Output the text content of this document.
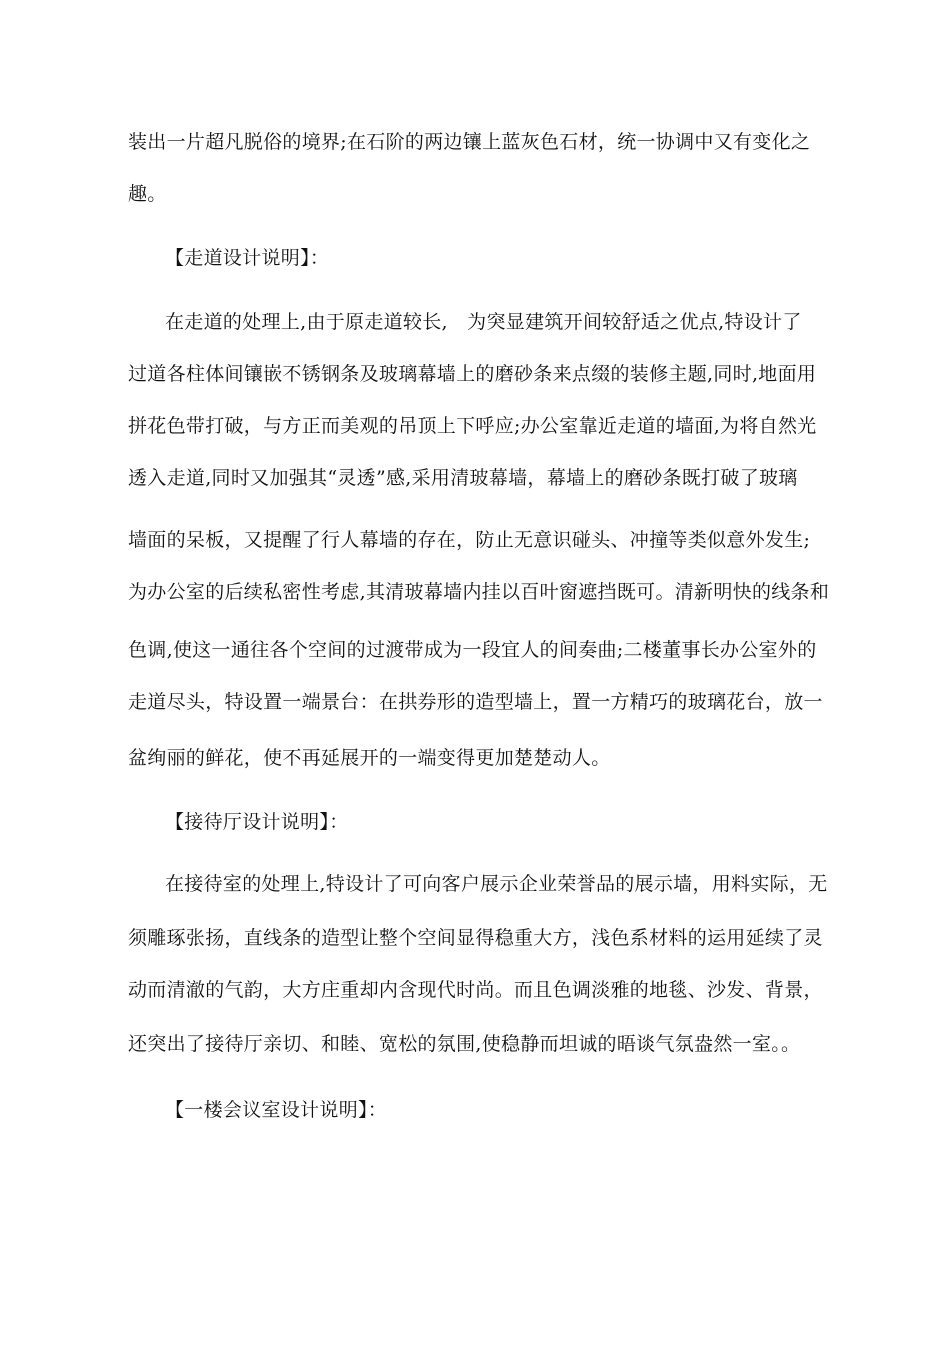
装出一片超凡脱俗的境界;在石阶的两边镶上蓝灰色石材，统一协调中又有变化之
趣。
【走道设计说明】：
在走道的处理上,由于原走道较长,　为突显建筑开间较舒适之优点,特设计了
过道各柱体间镶嵌不锈钢条及玻璃幕墙上的磨砂条来点缀的装修主题,同时,地面用
拼花色带打破，与方正而美观的吊顶上下呼应;办公室靠近走道的墙面,为将自然光
透入走道,同时又加强其“灵透”感,采用清玻幕墙，幕墙上的磨砂条既打破了玻璃
墙面的呆板，又提醒了行人幕墙的存在，防止无意识碰头、冲撞等类似意外发生;
为办公室的后续私密性考虑,其清玻幕墙内挂以百叶窗遮挡既可。清新明快的线条和
色调,使这一通往各个空间的过渡带成为一段宜人的间奏曲;二楼董事长办公室外的
走道尽头，特设置一端景台：在拱券形的造型墙上，置一方精巧的玻璃花台，放一
盆绚丽的鲜花，使不再延展开的一端变得更加楚楚动人。
【接待厅设计说明】：
在接待室的处理上,特设计了可向客户展示企业荣誉品的展示墙，用料实际，无
须雕琢张扬，直线条的造型让整个空间显得稳重大方，浅色系材料的运用延续了灵
动而清澈的气韵，大方庄重却内含现代时尚。而且色调淡雅的地毯、沙发、背景，
还突出了接待厅亲切、和睦、宽松的氛围,使稳静而坦诚的晤谈气氛盎然一室。。
【一楼会议室设计说明】：
